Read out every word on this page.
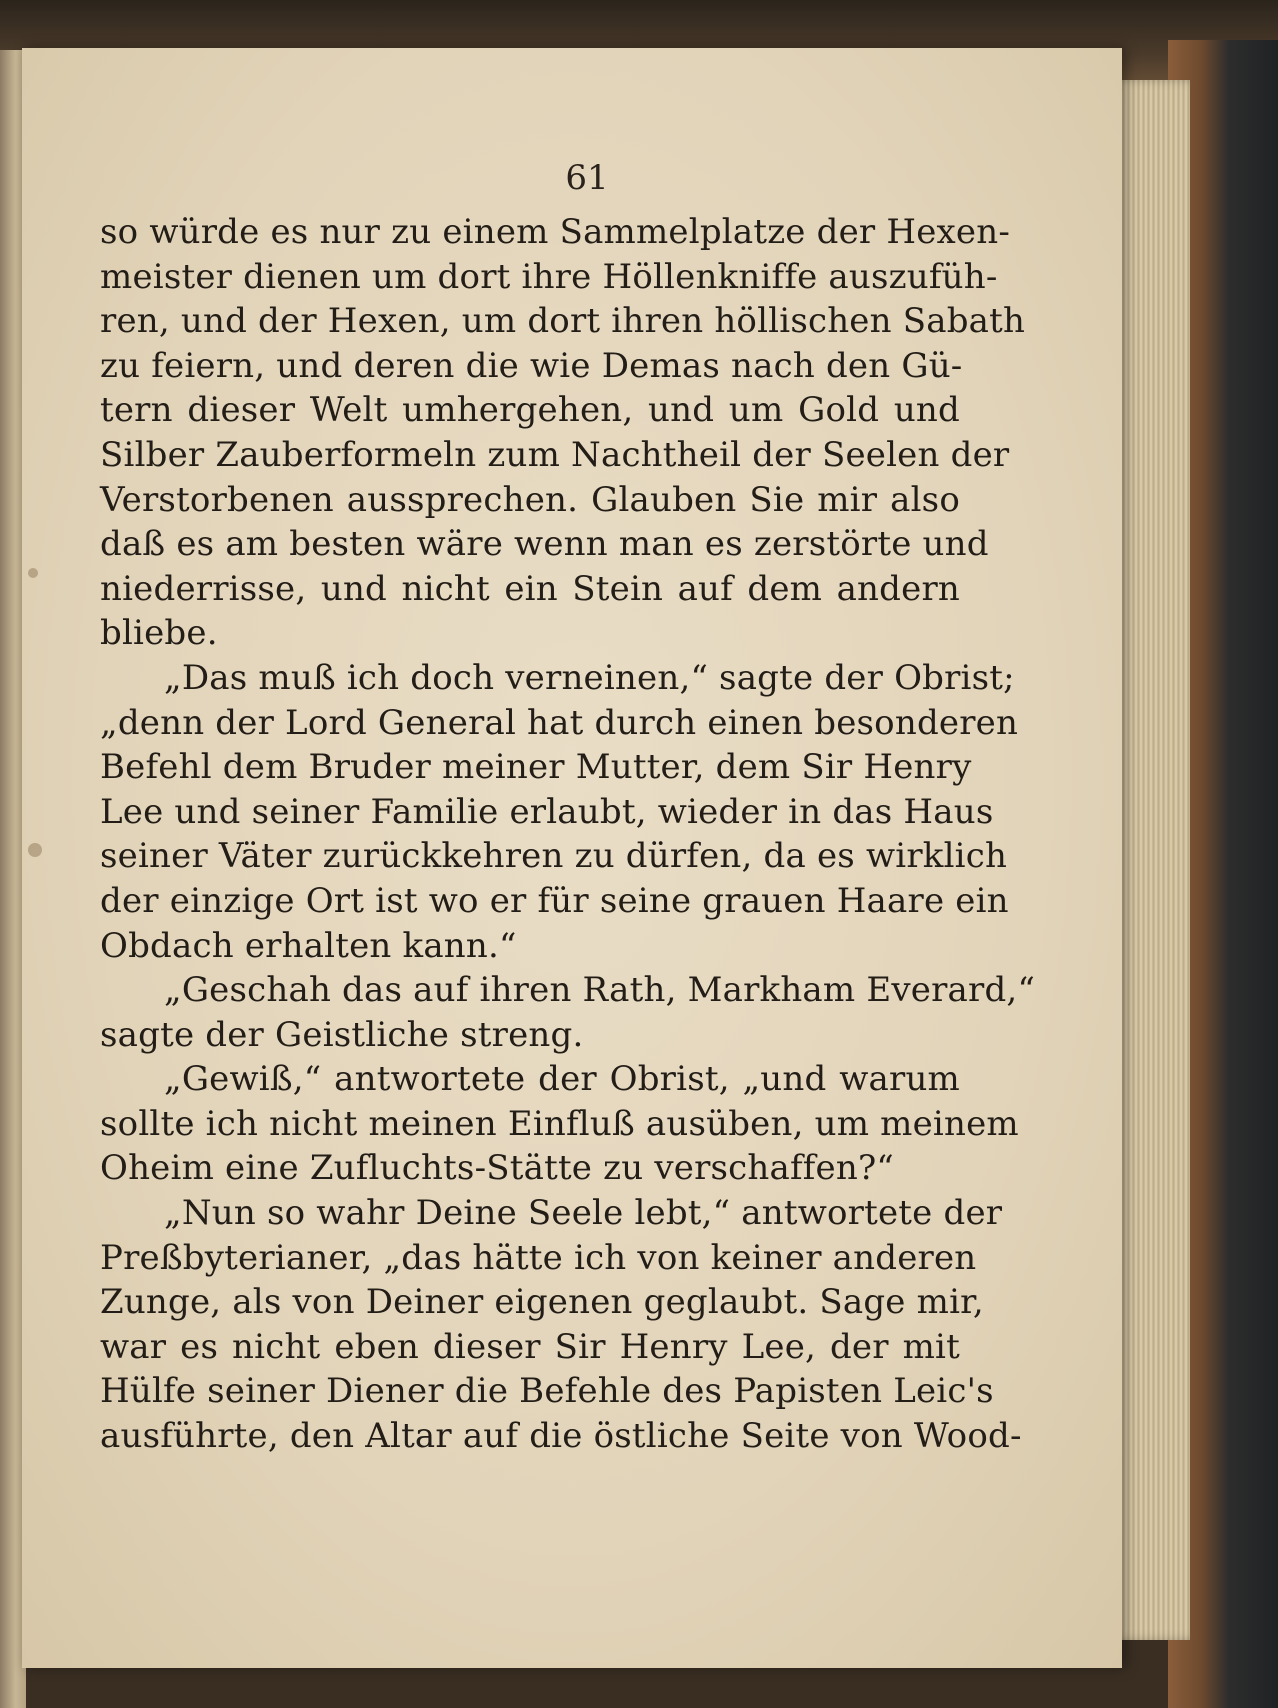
61
so würde es nur zu einem Sammelplatze der Hexen-
meister dienen um dort ihre Höllenkniffe auszufüh-
ren, und der Hexen, um dort ihren höllischen Sabath
zu feiern, und deren die wie Demas nach den Gü-
tern dieser Welt umhergehen, und um Gold und
Silber Zauberformeln zum Nachtheil der Seelen der
Verstorbenen aussprechen. Glauben Sie mir also
daß es am besten wäre wenn man es zerstörte und
niederrisse, und nicht ein Stein auf dem andern
bliebe.
„Das muß ich doch verneinen,“ sagte der Obrist;
„denn der Lord General hat durch einen besonderen
Befehl dem Bruder meiner Mutter, dem Sir Henry
Lee und seiner Familie erlaubt, wieder in das Haus
seiner Väter zurückkehren zu dürfen, da es wirklich
der einzige Ort ist wo er für seine grauen Haare ein
Obdach erhalten kann.“
„Geschah das auf ihren Rath, Markham Everard,“
sagte der Geistliche streng.
„Gewiß,“ antwortete der Obrist, „und warum
sollte ich nicht meinen Einfluß ausüben, um meinem
Oheim eine Zufluchts-Stätte zu verschaffen?“
„Nun so wahr Deine Seele lebt,“ antwortete der
Preßbyterianer, „das hätte ich von keiner anderen
Zunge, als von Deiner eigenen geglaubt. Sage mir,
war es nicht eben dieser Sir Henry Lee, der mit
Hülfe seiner Diener die Befehle des Papisten Leic's
ausführte, den Altar auf die östliche Seite von Wood-
